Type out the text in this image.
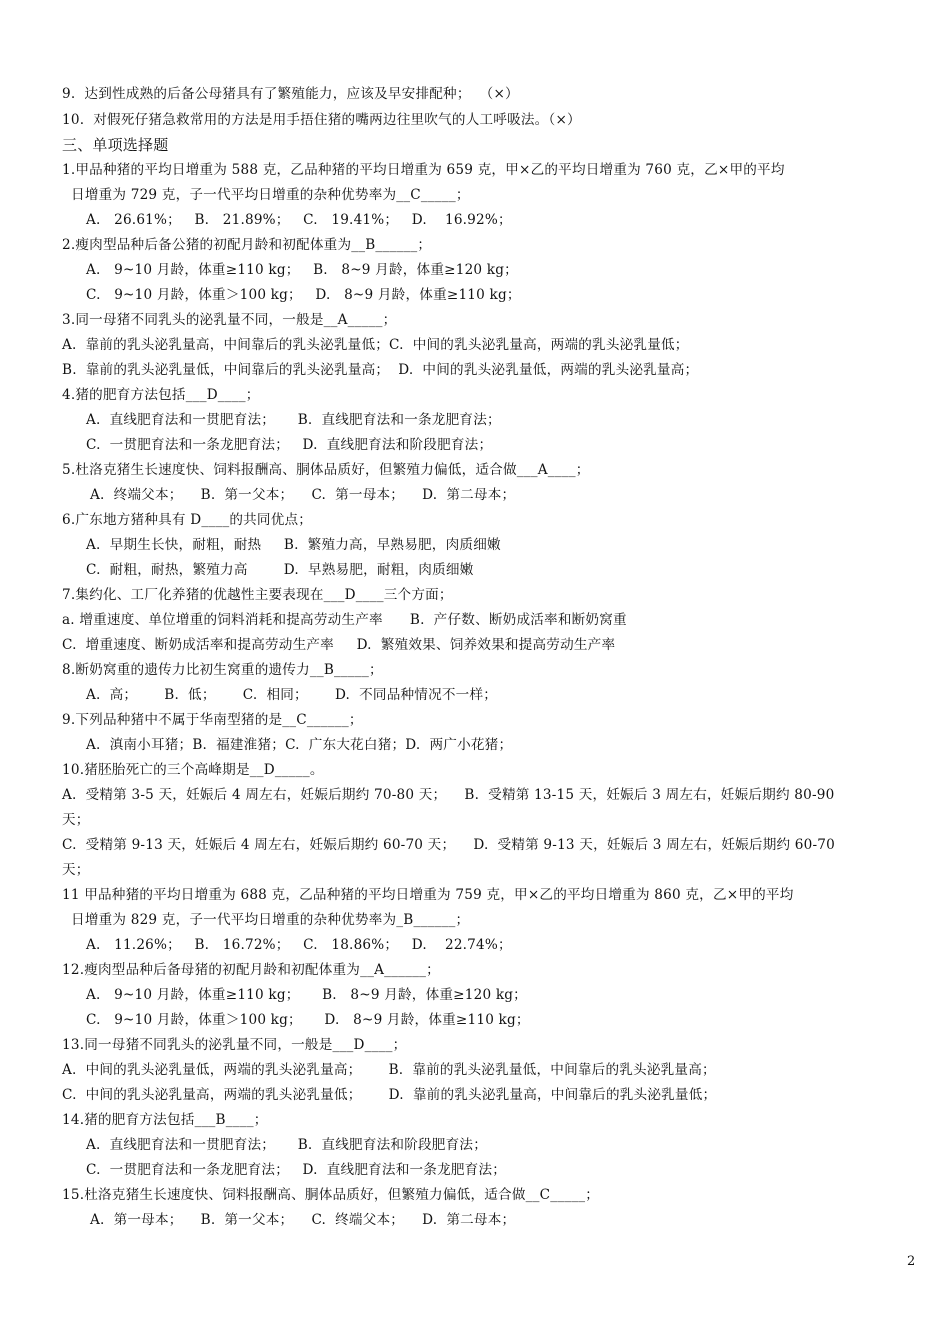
9.  达到性成熟的后备公母猪具有了繁殖能力，应该及早安排配种；  （×）
10.  对假死仔猪急救常用的方法是用手捂住猪的嘴两边往里吹气的人工呼吸法。（×）
三、单项选择题
1.甲品种猪的平均日增重为 588 克，乙品种猪的平均日增重为 659 克，甲×乙的平均日增重为 760 克，乙×甲的平均
日增重为 729 克，子一代平均日增重的杂种优势率为__C_____；
A.   26.61%；   B.   21.89%；   C.   19.41%；   D.    16.92%；
2.瘦肉型品种后备公猪的初配月龄和初配体重为__B______；
A.   9~10 月龄，体重≥110 kg；   B.   8~9 月龄，体重≥120 kg；
C.   9~10 月龄，体重＞100 kg；   D.   8~9 月龄，体重≥110 kg；
3.同一母猪不同乳头的泌乳量不同，一般是__A_____；
A.  靠前的乳头泌乳量高，中间靠后的乳头泌乳量低；C.  中间的乳头泌乳量高，两端的乳头泌乳量低；
B.  靠前的乳头泌乳量低，中间靠后的乳头泌乳量高；  D.  中间的乳头泌乳量低，两端的乳头泌乳量高；
4.猪的肥育方法包括___D____；
A.  直线肥育法和一贯肥育法；     B.  直线肥育法和一条龙肥育法；
C.  一贯肥育法和一条龙肥育法；   D.  直线肥育法和阶段肥育法；
5.杜洛克猪生长速度快、饲料报酬高、胴体品质好，但繁殖力偏低，适合做___A____；
A.  终端父本；    B.  第一父本；    C.  第一母本；    D.  第二母本；
6.广东地方猪种具有 D____的共同优点；
A.  早期生长快，耐粗，耐热     B.  繁殖力高，早熟易肥，肉质细嫩
C.  耐粗，耐热，繁殖力高        D.  早熟易肥，耐粗，肉质细嫩
7.集约化、工厂化养猪的优越性主要表现在___D____三个方面；
a. 增重速度、单位增重的饲料消耗和提高劳动生产率      B.  产仔数、断奶成活率和断奶窝重
C.  增重速度、断奶成活率和提高劳动生产率     D.  繁殖效果、饲养效果和提高劳动生产率
8.断奶窝重的遗传力比初生窝重的遗传力__B_____；
A.  高；      B.  低；      C.  相同；      D.  不同品种情况不一样；
9.下列品种猪中不属于华南型猪的是__C______；
A.  滇南小耳猪；B.  福建淮猪；C.  广东大花白猪；D.  两广小花猪；
10.猪胚胎死亡的三个高峰期是__D_____。
A.  受精第 3-5 天，妊娠后 4 周左右，妊娠后期约 70-80 天；    B.  受精第 13-15 天，妊娠后 3 周左右，妊娠后期约 80-90
天；
C.  受精第 9-13 天，妊娠后 4 周左右，妊娠后期约 60-70 天；    D.  受精第 9-13 天，妊娠后 3 周左右，妊娠后期约 60-70
天；
11 甲品种猪的平均日增重为 688 克，乙品种猪的平均日增重为 759 克，甲×乙的平均日增重为 860 克，乙×甲的平均
日增重为 829 克，子一代平均日增重的杂种优势率为_B______；
A.   11.26%；   B.   16.72%；   C.   18.86%；   D.    22.74%；
12.瘦肉型品种后备母猪的初配月龄和初配体重为__A______；
A.   9~10 月龄，体重≥110 kg；     B.   8~9 月龄，体重≥120 kg；
C.   9~10 月龄，体重＞100 kg；     D.   8~9 月龄，体重≥110 kg；
13.同一母猪不同乳头的泌乳量不同，一般是___D____；
A.  中间的乳头泌乳量低，两端的乳头泌乳量高；      B.  靠前的乳头泌乳量低，中间靠后的乳头泌乳量高；
C.  中间的乳头泌乳量高，两端的乳头泌乳量低；      D.  靠前的乳头泌乳量高，中间靠后的乳头泌乳量低；
14.猪的肥育方法包括___B____；
A.  直线肥育法和一贯肥育法；     B.  直线肥育法和阶段肥育法；
C.  一贯肥育法和一条龙肥育法；   D.  直线肥育法和一条龙肥育法；
15.杜洛克猪生长速度快、饲料报酬高、胴体品质好，但繁殖力偏低，适合做__C_____；
A.  第一母本；    B.  第一父本；    C.  终端父本；    D.  第二母本；
2
